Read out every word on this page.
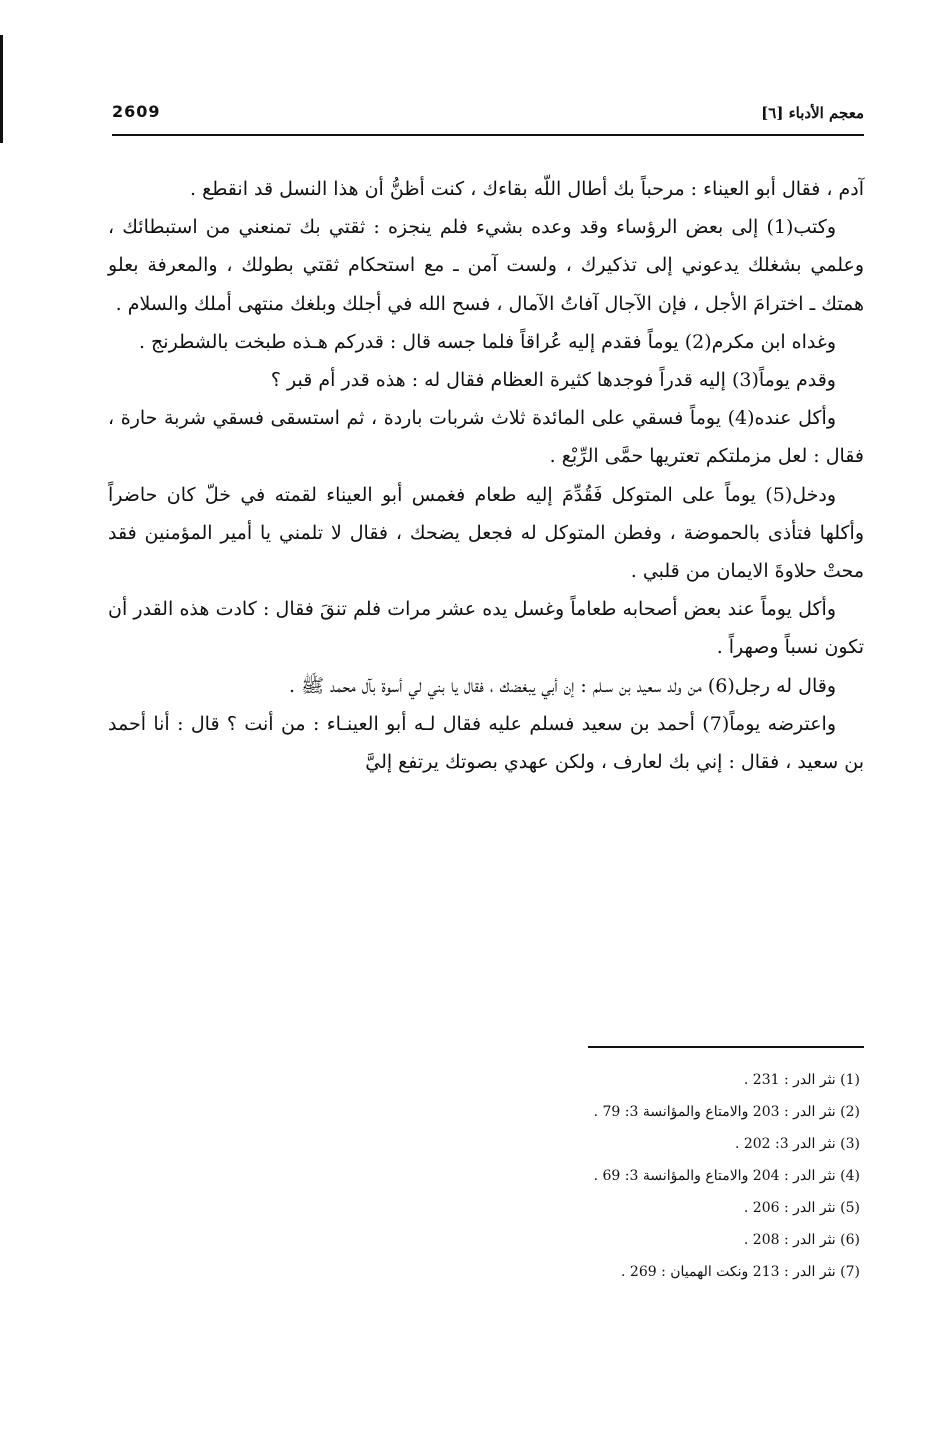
2609	معجم الأدباء [٦]

آدم ، فقال أبو العيناء : مرحباً بك أطال اللّه بقاءك ، كنت أظنُّ أن هذا النسل قد انقطع .

وكتب(1) إلى بعض الرؤساء وقد وعده بشيء فلم ينجزه : ثقتي بك تمنعني من استبطائك ، وعلمي بشغلك يدعوني إلى تذكيرك ، ولست آمن ـ مع استحكام ثقتي بطولك ، والمعرفة بعلو همتك ـ اخترامَ الأجل ، فإن الآجال آفاتُ الآمال ، فسح الله في أجلك وبلغك منتهى أملك والسلام .

وغداه ابن مكرم(2) يوماً فقدم إليه عُراقاً فلما جسه قال : قدركم هـذه طبخت بالشطرنج .

وقدم يوماً(3) إليه قدراً فوجدها كثيرة العظام فقال له : هذه قدر أم قبر ؟

وأكل عنده(4) يوماً فسقي على المائدة ثلاث شربات باردة ، ثم استسقى فسقي شربة حارة ، فقال : لعل مزملتكم تعتريها حمَّى الرِّبْع .

ودخل(5) يوماً على المتوكل فَقُدِّمَ إليه طعام فغمس أبو العيناء لقمته في خلّ كان حاضراً وأكلها فتأذى بالحموضة ، وفطن المتوكل له فجعل يضحك ، فقال لا تلمني يا أمير المؤمنين فقد محتْ حلاوةَ الايمان من قلبي .

وأكل يوماً عند بعض أصحابه طعاماً وغسل يده عشر مرات فلم تنقَ فقال : كادت هذه القدر أن تكون نسباً وصهراً .

وقال له رجل(6) من ولد سعيد بن سـلم : إن أبي يبغضك ، فقال يا بني لي أسوة بآل محمد ﷺ .

واعترضه يوماً(7) أحمد بن سعيد فسلم عليه فقال لـه أبو العينـاء : من أنت ؟ قال : أنا أحمد بن سعيد ، فقال : إني بك لعارف ، ولكن عهدي بصوتك يرتفع إليَّ

(1) نثر الدر : 231 .
(2) نثر الدر : 203 والامتاع والمؤانسة 3: 79 .
(3) نثر الدر 3: 202 .
(4) نثر الدر : 204 والامتاع والمؤانسة 3: 69 .
(5) نثر الدر : 206 .
(6) نثر الدر : 208 .
(7) نثر الدر : 213 ونكت الهميان : 269 .
